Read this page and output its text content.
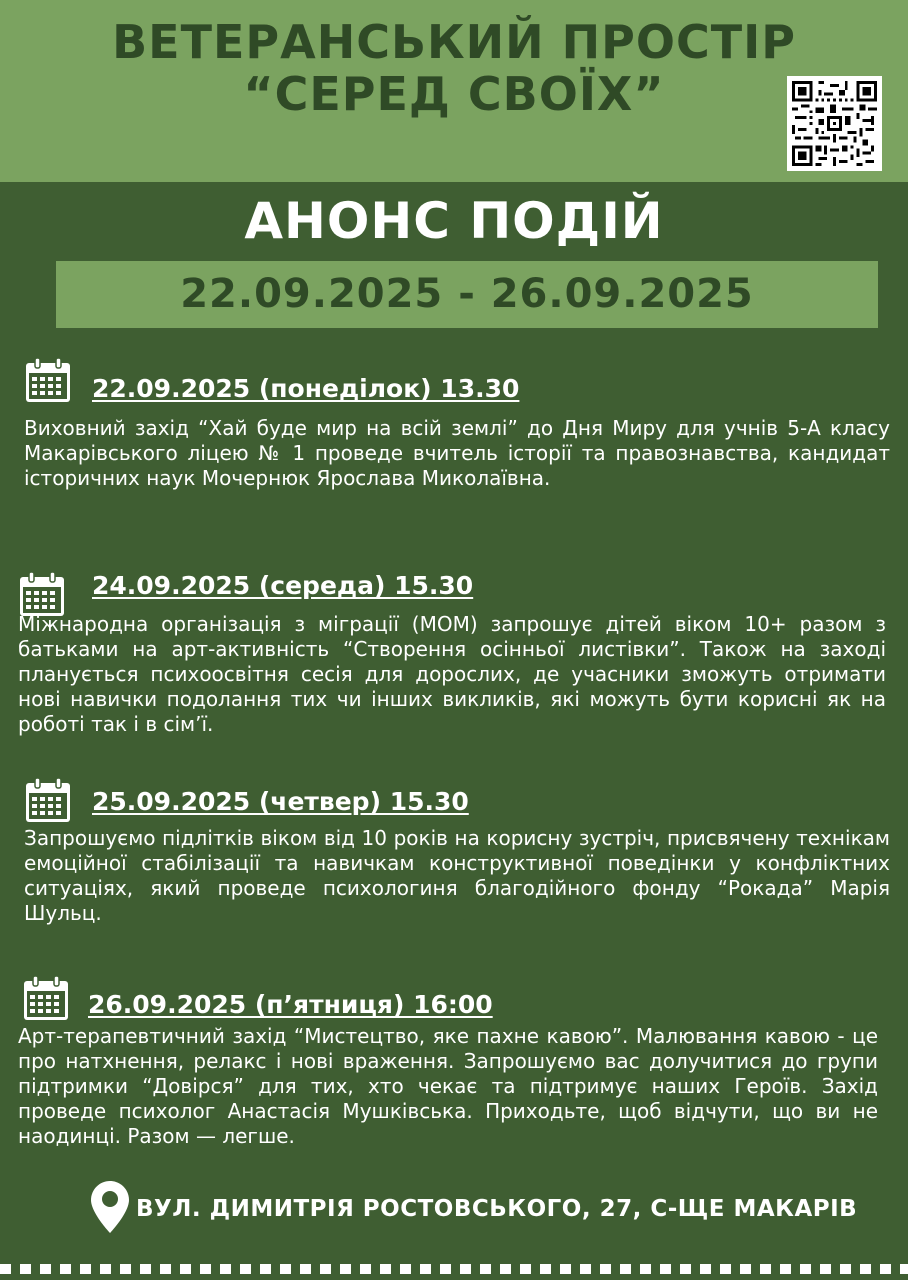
ВЕТЕРАНСЬКИЙ ПРОСТІР
“СЕРЕД СВОЇХ”
АНОНС ПОДІЙ
22.09.2025 - 26.09.2025
22.09.2025 (понеділок) 13.30

Виховний захід “Хай буде мир на всій землі” до Дня Миру для учнів 5-А класу Макарівського ліцею № 1 проведе вчитель історії та правознавства, кандидат історичних наук Мочернюк Ярослава Миколаївна.

24.09.2025 (середа) 15.30

Міжнародна організація з міграції (МОМ) запрошує дітей віком 10+ разом з батьками на арт-активність “Створення осінньої листівки”. Також на заході планується психоосвітня сесія для дорослих, де учасники зможуть отримати нові навички подолання тих чи інших викликів, які можуть бути корисні як на роботі так і в сім’ї.

25.09.2025 (четвер) 15.30

Запрошуємо підлітків віком від 10 років на корисну зустріч, присвячену технікам емоційної стабілізації та навичкам конструктивної поведінки у конфліктних ситуаціях, який проведе психологиня благодійного фонду “Рокада” Марія Шульц.

26.09.2025 (п’ятниця) 16:00

Арт-терапевтичний захід “Мистецтво, яке пахне кавою”. Малювання кавою - це про натхнення, релакс і нові враження. Запрошуємо вас долучитися до групи підтримки “Довірся” для тих, хто чекає та підтримує наших Героїв. Захід проведе психолог Анастасія Мушківська. Приходьте, щоб відчути, що ви не наодинці. Разом — легше.

ВУЛ. ДИМИТРІЯ РОСТОВСЬКОГО, 27, С-ЩЕ МАКАРІВ
